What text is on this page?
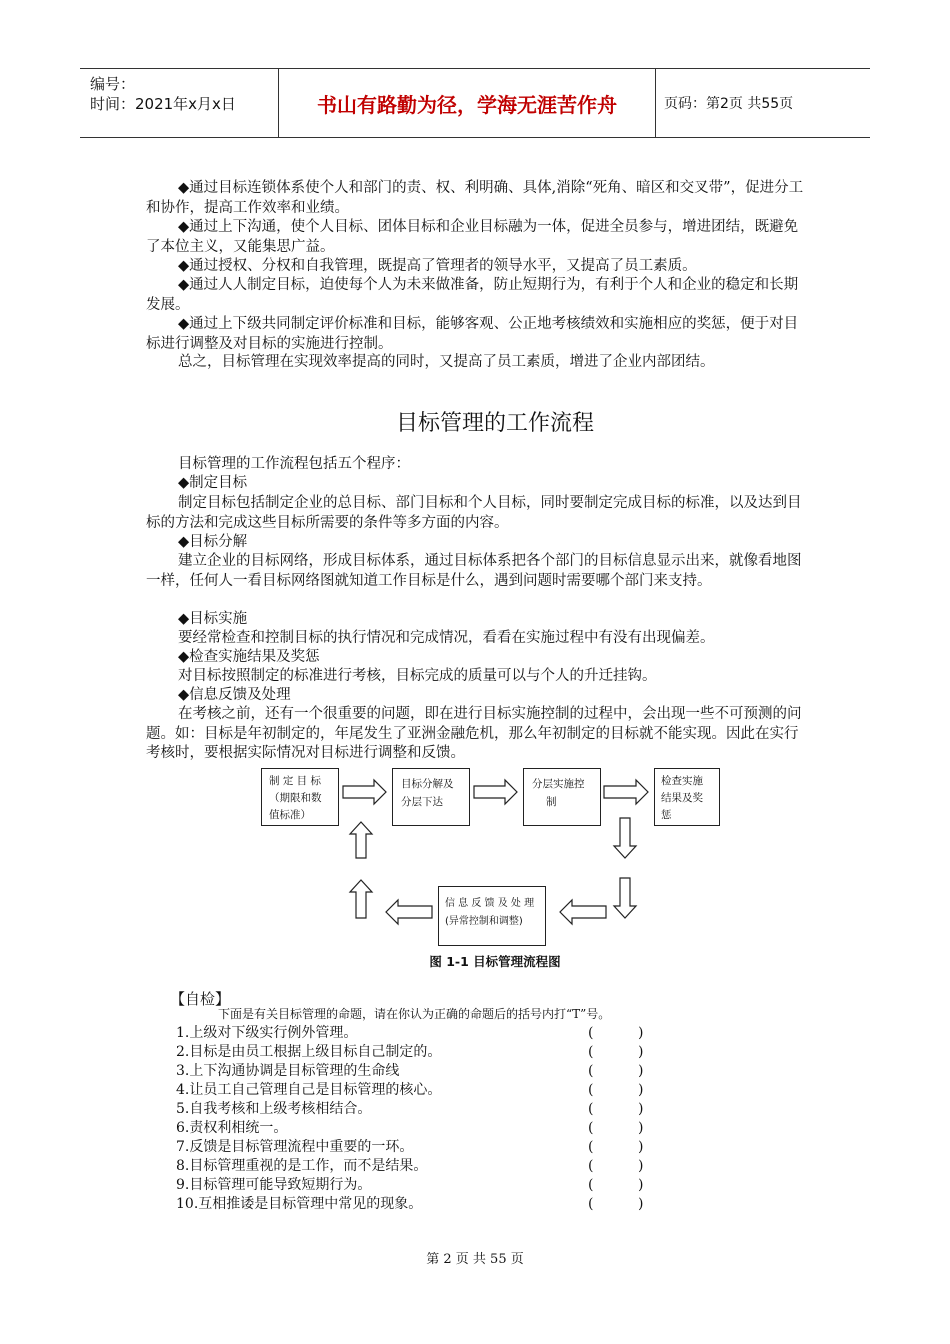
编号：
时间：2021年x月x日	书山有路勤为径，学海无涯苦作舟	页码：第2页 共55页

◆通过目标连锁体系使个人和部门的责、权、利明确、具体,消除“死角、暗区和交叉带”，促进分工和协作，提高工作效率和业绩。

◆通过上下沟通，使个人目标、团体目标和企业目标融为一体，促进全员参与，增进团结，既避免了本位主义，又能集思广益。

◆通过授权、分权和自我管理，既提高了管理者的领导水平，又提高了员工素质。

◆通过人人制定目标，迫使每个人为未来做准备，防止短期行为，有利于个人和企业的稳定和长期发展。

◆通过上下级共同制定评价标准和目标，能够客观、公正地考核绩效和实施相应的奖惩，便于对目标进行调整及对目标的实施进行控制。

总之，目标管理在实现效率提高的同时，又提高了员工素质，增进了企业内部团结。

目标管理的工作流程

目标管理的工作流程包括五个程序：

◆制定目标

制定目标包括制定企业的总目标、部门目标和个人目标，同时要制定完成目标的标准，以及达到目标的方法和完成这些目标所需要的条件等多方面的内容。

◆目标分解

建立企业的目标网络，形成目标体系，通过目标体系把各个部门的目标信息显示出来，就像看地图一样，任何人一看目标网络图就知道工作目标是什么，遇到问题时需要哪个部门来支持。

◆目标实施

要经常检查和控制目标的执行情况和完成情况，看看在实施过程中有没有出现偏差。

◆检查实施结果及奖惩

对目标按照制定的标准进行考核，目标完成的质量可以与个人的升迁挂钩。

◆信息反馈及处理

在考核之前，还有一个很重要的问题，即在进行目标实施控制的过程中，会出现一些不可预测的问题。如：目标是年初制定的，年尾发生了亚洲金融危机，那么年初制定的目标就不能实现。因此在实行考核时，要根据实际情况对目标进行调整和反馈。

制 定 目 标
（期限和数
值标准）
目标分解及
分层下达
分层实施控
制
检查实施
结果及奖
惩
信 息 反 馈 及 处 理
(异常控制和调整)
图 1-1 目标管理流程图
【自检】
下面是有关目标管理的命题，请在你认为正确的命题后的括号内打“T”号。
1.上级对下级实行例外管理。
2.目标是由员工根据上级目标自己制定的。
3.上下沟通协调是目标管理的生命线
4.让员工自己管理自己是目标管理的核心。
5.自我考核和上级考核相结合。
6.责权利相统一。
7.反馈是目标管理流程中重要的一环。
8.目标管理重视的是工作，而不是结果。
9.目标管理可能导致短期行为。
10.互相推诿是目标管理中常见的现象。
(          )
(          )
(          )
(          )
(          )
(          )
(          )
(          )
(          )
(          )
第 2 页 共 55 页
